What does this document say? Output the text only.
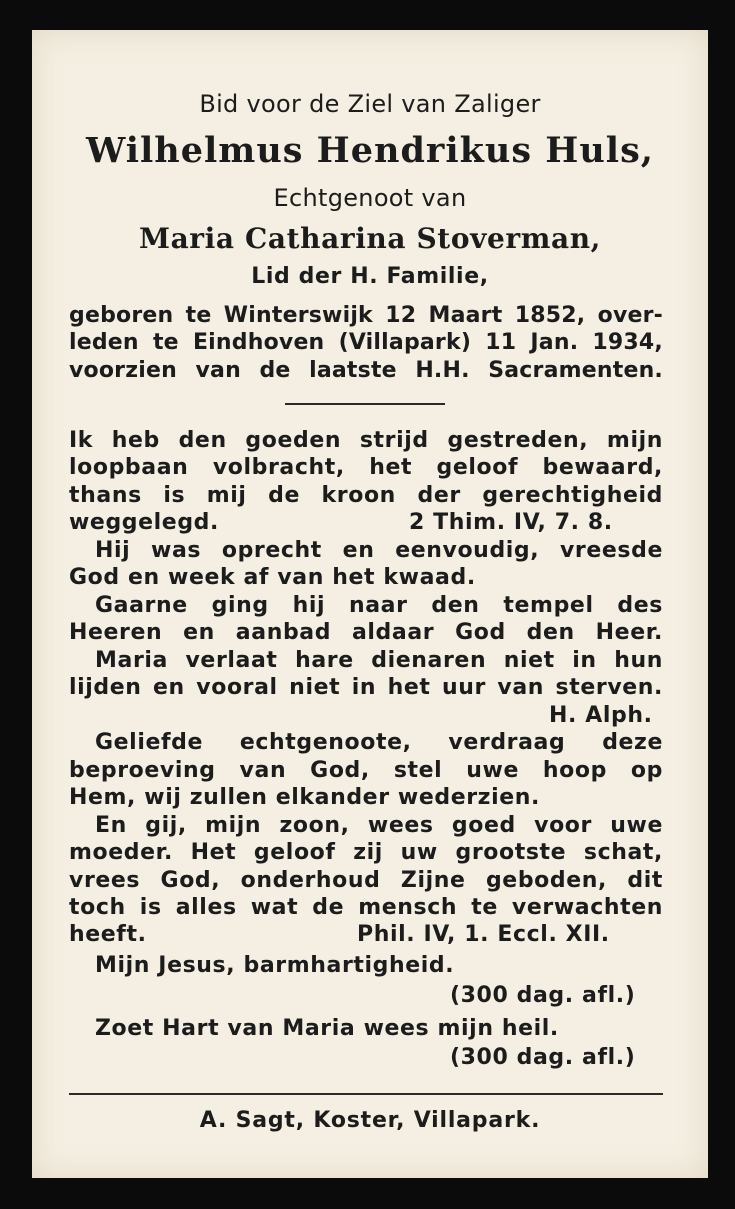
Bid voor de Ziel van Zaliger
Wilhelmus Hendrikus Huls,
Echtgenoot van
Maria Catharina Stoverman,
Lid der H. Familie,
geboren te Winterswijk 12 Maart 1852, over-
leden te Eindhoven (Villapark) 11 Jan. 1934,
voorzien van de laatste H.H. Sacramenten.
Ik heb den goeden strijd gestreden, mijn
loopbaan volbracht, het geloof bewaard,
thans is mij de kroon der gerechtigheid
weggelegd.	2 Thim. IV, 7. 8.
Hij was oprecht en eenvoudig, vreesde
God en week af van het kwaad.
Gaarne ging hij naar den tempel des
Heeren en aanbad aldaar God den Heer.
Maria verlaat hare dienaren niet in hun
lijden en vooral niet in het uur van sterven.
H. Alph.
Geliefde echtgenoote, verdraag deze
beproeving van God, stel uwe hoop op
Hem, wij zullen elkander wederzien.
En gij, mijn zoon, wees goed voor uwe
moeder. Het geloof zij uw grootste schat,
vrees God, onderhoud Zijne geboden, dit
toch is alles wat de mensch te verwachten
heeft.	Phil. IV, 1. Eccl. XII.
Mijn Jesus, barmhartigheid.
(300 dag. afl.)
Zoet Hart van Maria wees mijn heil.
(300 dag. afl.)
A. Sagt, Koster, Villapark.
